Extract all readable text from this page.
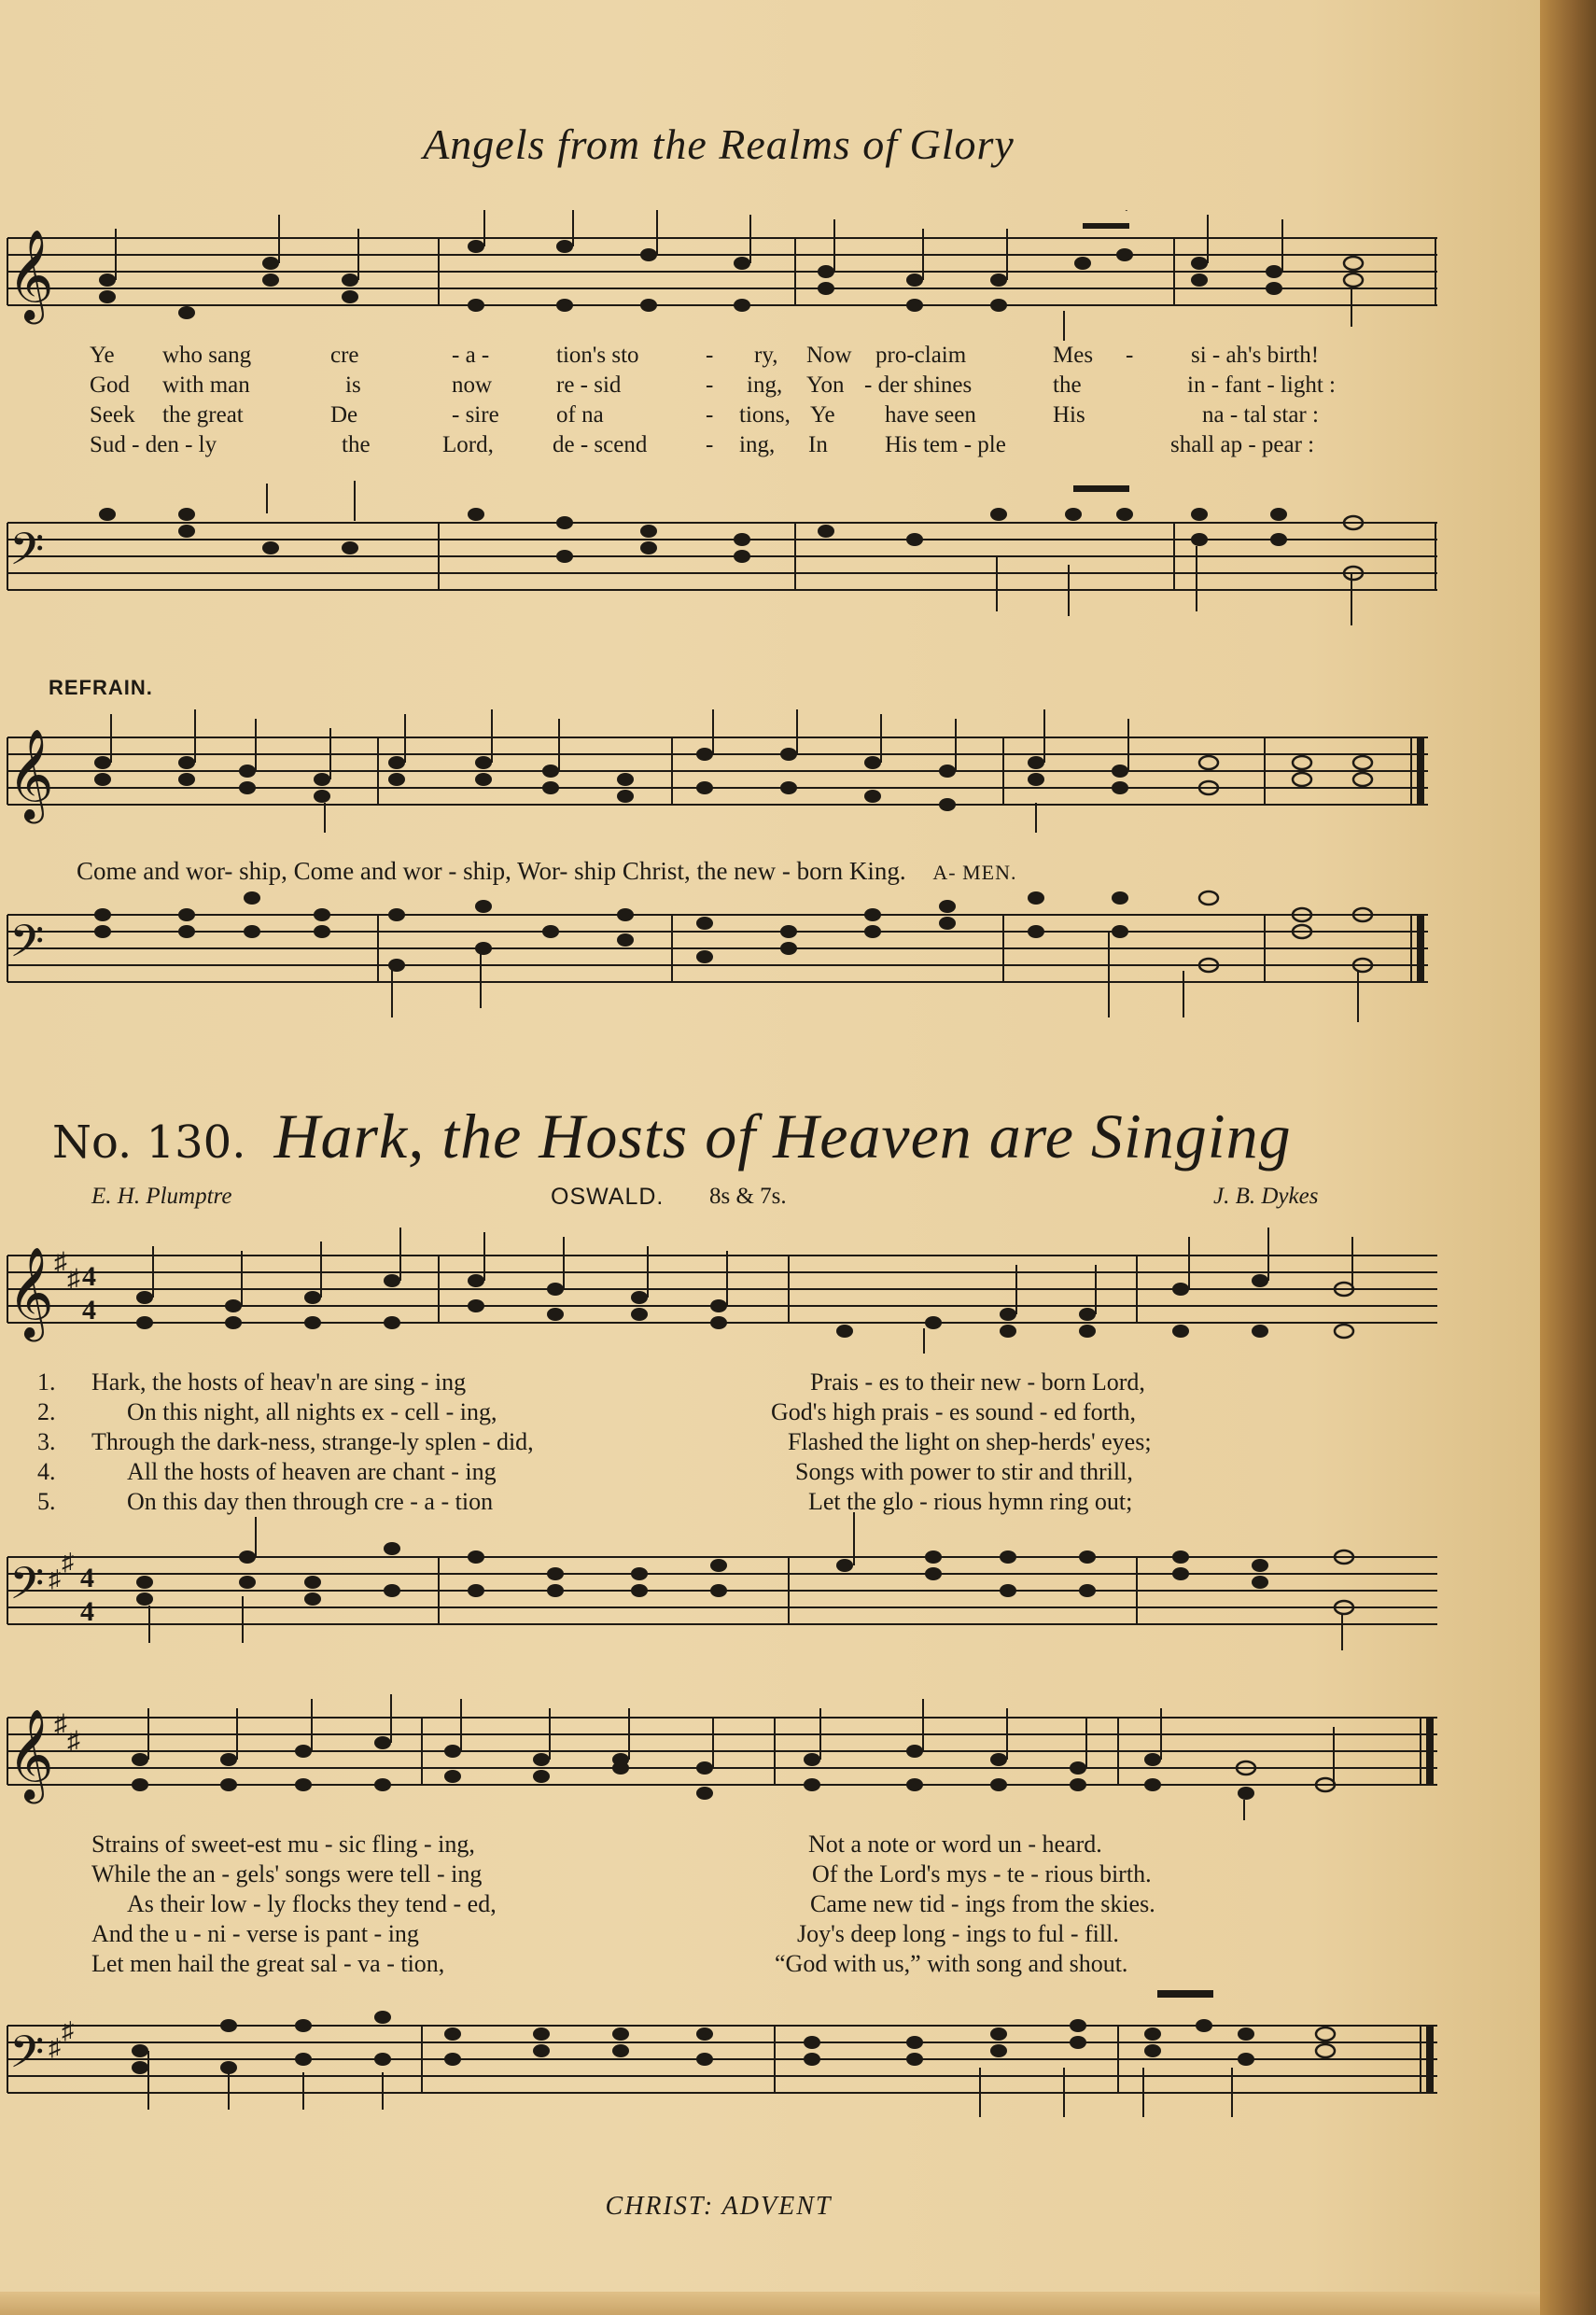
Angels from the Realms of Glory
𝄞
Ye who sang	cre	- a -	tion's sto	- ry, Now pro-claim	Mes - si - ah's birth!
God with man	is	now	re - sid	- ing, Yon - der shines	the	in - fant - light :
Seek the great	De	- sire of na	- tions, Ye have seen	His	na - tal star :
Sud - den - ly	the	Lord,	de - scend	- ing, In His tem - ple	shall ap - pear :
𝄢
REFRAIN.
𝄞
Come and wor- ship, Come and wor - ship, Wor- ship Christ, the new - born King. A- MEN.
𝄢
No. 130. Hark, the Hosts of Heaven are Singing
E. H. Plumptre	OSWALD. 8s & 7s.	J. B. Dykes
𝄞 ♯
♯ 4
4
1. Hark, the hosts of heav'n are sing - ing	Prais - es to their new - born Lord,
2.	On this night, all nights ex - cell - ing,	God's high prais - es sound - ed forth,
3. Through the dark-ness, strange-ly splen - did,	Flashed the light on shep-herds' eyes;
4.	All the hosts of heaven are chant - ing	Songs with power to stir and thrill,
5.	On this day then through cre - a - tion	Let the glo - rious hymn ring out;
𝄢 ♯
♯
4
4
𝄞 ♯
♯
Strains of sweet-est mu - sic fling - ing,	Not a note or word un - heard.
While the an - gels' songs were tell - ing	Of the Lord's mys - te - rious birth.
As their low - ly flocks they tend - ed,	Came new tid - ings from the skies.
And the u - ni - verse is pant - ing	Joy's deep long - ings to ful - fill.
Let men hail the great sal - va - tion,	“God with us,” with song and shout.
𝄢 ♯
♯
CHRIST: ADVENT
